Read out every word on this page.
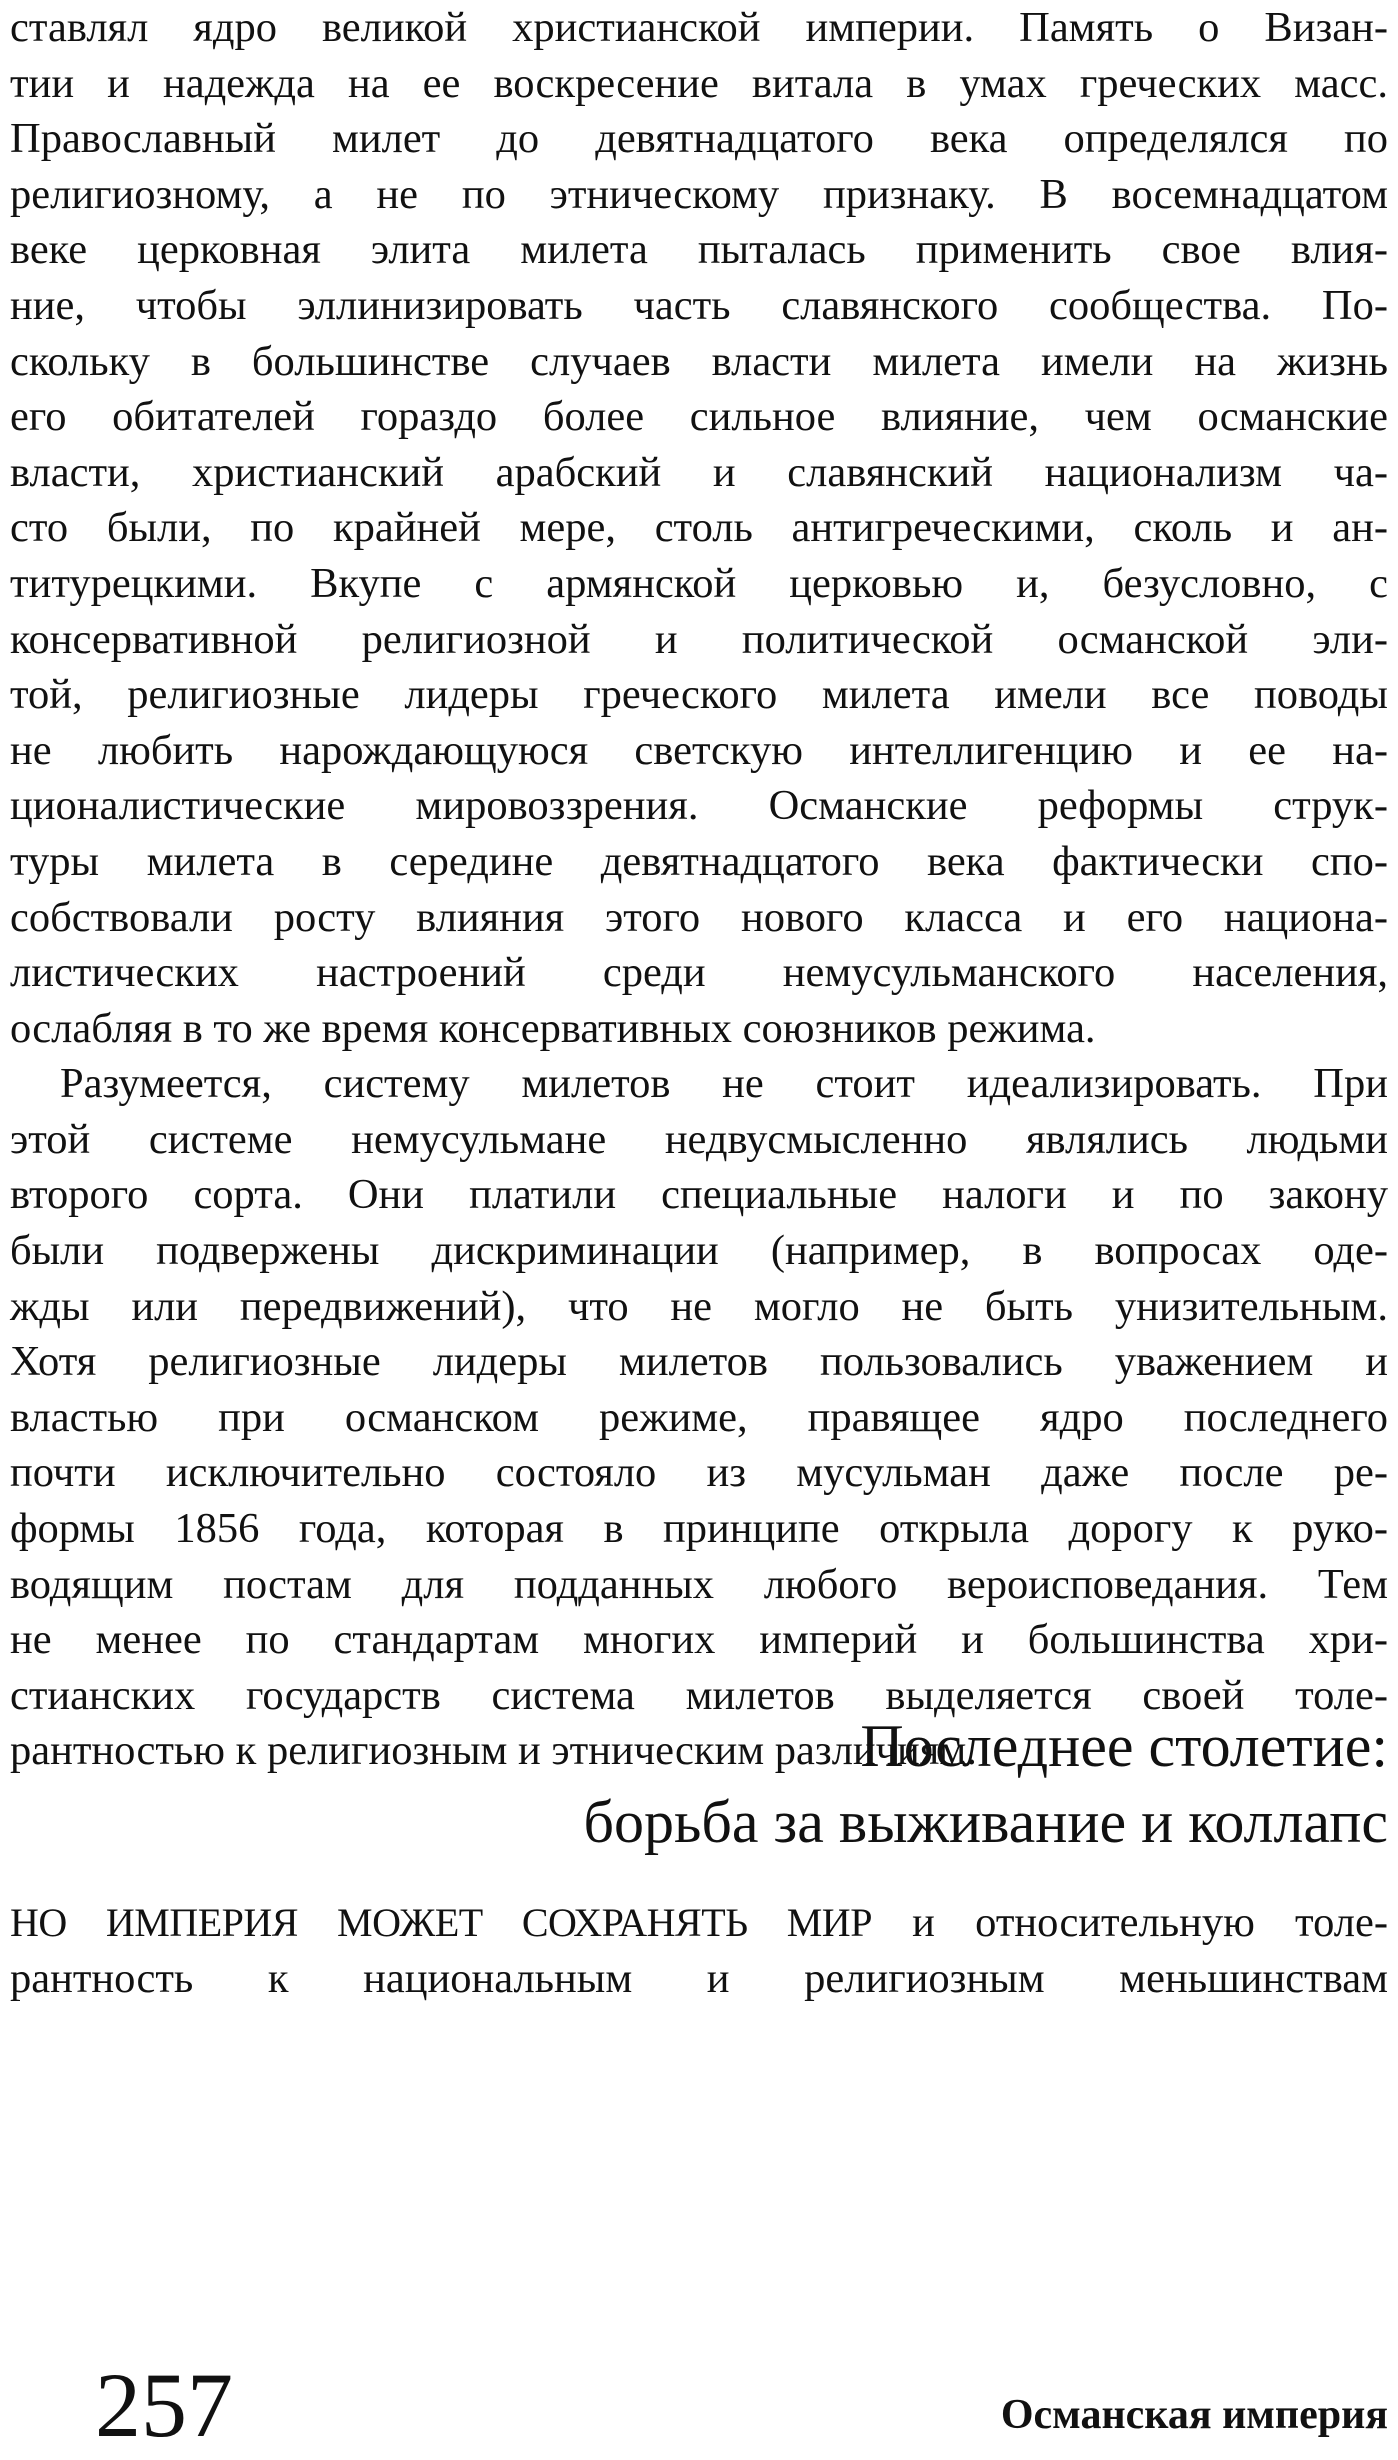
ставлял ядро великой христианской империи. Память о Визан-
тии и надежда на ее воскресение витала в умах греческих масс.
Православный милет до девятнадцатого века определялся по
религиозному, а не по этническому признаку. В восемнадцатом
веке церковная элита милета пыталась применить свое влия-
ние, чтобы эллинизировать часть славянского сообщества. По-
скольку в большинстве случаев власти милета имели на жизнь
его обитателей гораздо более сильное влияние, чем османские
власти, христианский арабский и славянский национализм ча-
сто были, по крайней мере, столь антигреческими, сколь и ан-
титурецкими. Вкупе с армянской церковью и, безусловно, с
консервативной религиозной и политической османской эли-
той, религиозные лидеры греческого милета имели все поводы
не любить нарождающуюся светскую интеллигенцию и ее на-
ционалистические мировоззрения. Османские реформы струк-
туры милета в середине девятнадцатого века фактически спо-
собствовали росту влияния этого нового класса и его национа-
листических настроений среди немусульманского населения,
ослабляя в то же время консервативных союзников режима.
Разумеется, систему милетов не стоит идеализировать. При
этой системе немусульмане недвусмысленно являлись людьми
второго сорта. Они платили специальные налоги и по закону
были подвержены дискриминации (например, в вопросах оде-
жды или передвижений), что не могло не быть унизительным.
Хотя религиозные лидеры милетов пользовались уважением и
властью при османском режиме, правящее ядро последнего
почти исключительно состояло из мусульман даже после ре-
формы 1856 года, которая в принципе открыла дорогу к руко-
водящим постам для подданных любого вероисповедания. Тем
не менее по стандартам многих империй и большинства хри-
стианских государств система милетов выделяется своей толе-
рантностью к религиозным и этническим различиям.
Последнее столетие:
борьба за выживание и коллапс
НО ИМПЕРИЯ МОЖЕТ СОХРАНЯТЬ МИР и относительную толе-
рантность к национальным и религиозным меньшинствам
257	Османская империя
